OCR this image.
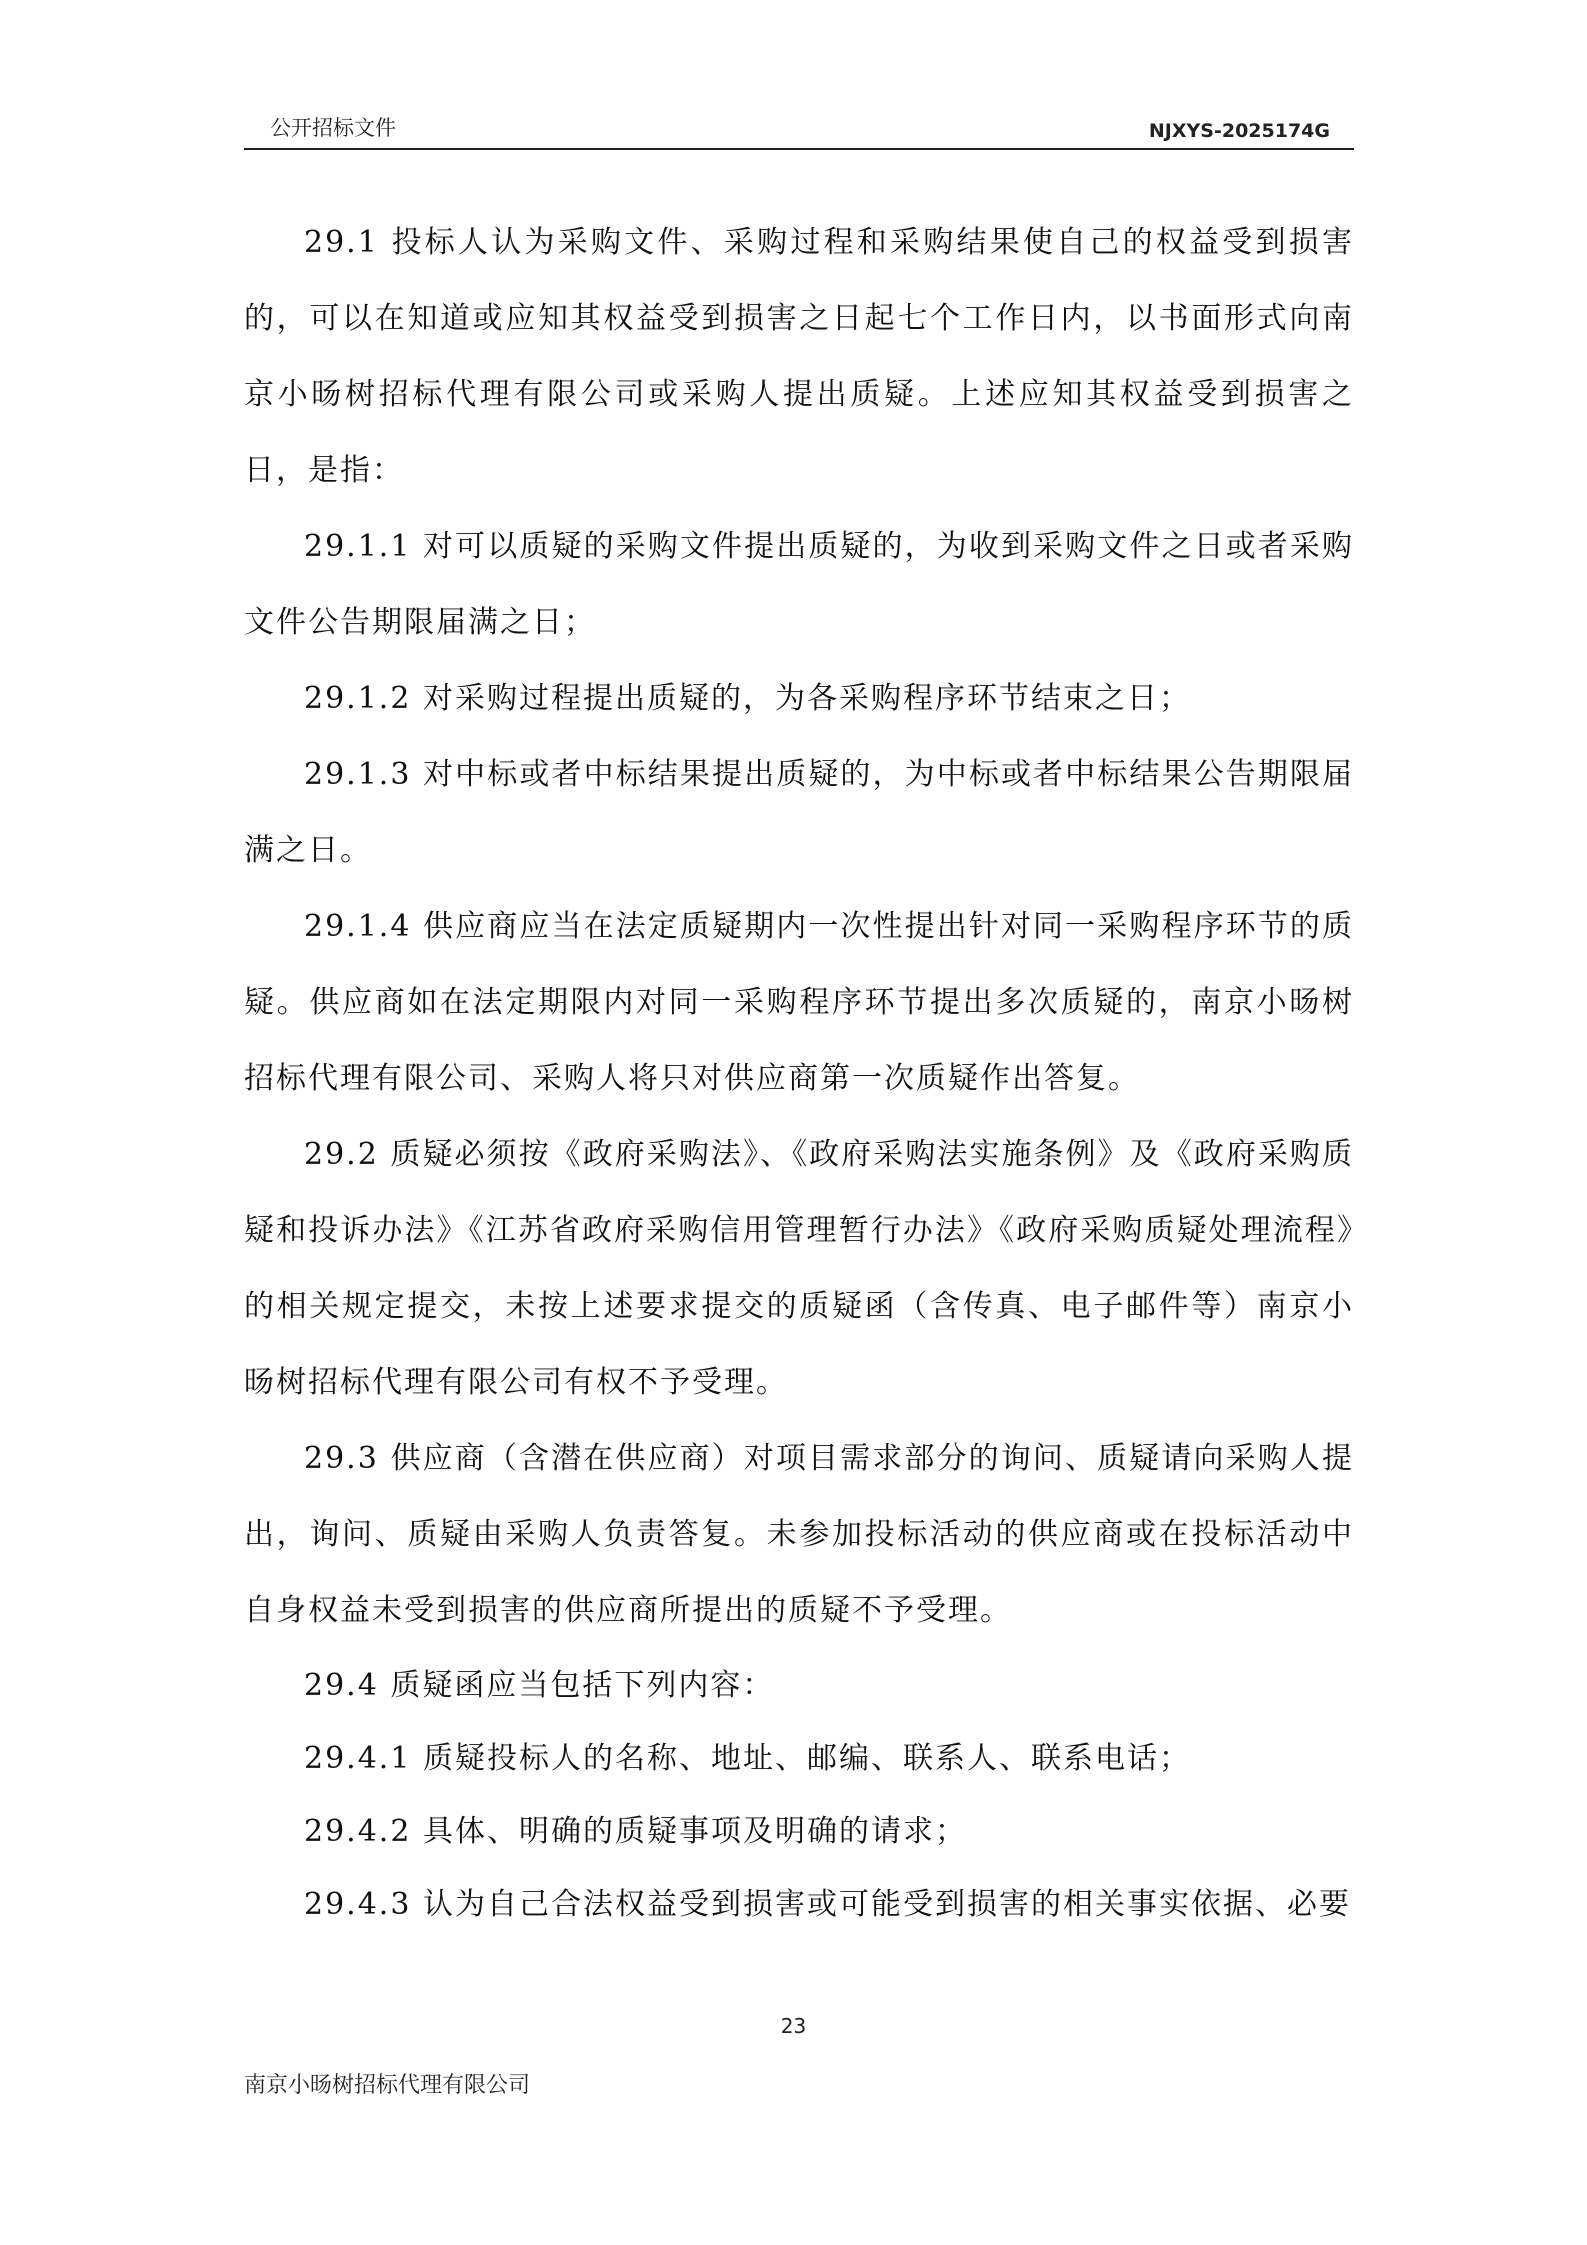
公开招标文件	NJXYS-2025174G

29.1 投标人认为采购文件、采购过程和采购结果使自己的权益受到损害的，可以在知道或应知其权益受到损害之日起七个工作日内，以书面形式向南京小旸树招标代理有限公司或采购人提出质疑。上述应知其权益受到损害之日，是指：

29.1.1 对可以质疑的采购文件提出质疑的，为收到采购文件之日或者采购文件公告期限届满之日；

29.1.2 对采购过程提出质疑的，为各采购程序环节结束之日；

29.1.3 对中标或者中标结果提出质疑的，为中标或者中标结果公告期限届满之日。

29.1.4 供应商应当在法定质疑期内一次性提出针对同一采购程序环节的质疑。供应商如在法定期限内对同一采购程序环节提出多次质疑的，南京小旸树招标代理有限公司、采购人将只对供应商第一次质疑作出答复。

29.2 质疑必须按《政府采购法》、《政府采购法实施条例》及《政府采购质疑和投诉办法》《江苏省政府采购信用管理暂行办法》《政府采购质疑处理流程》的相关规定提交，未按上述要求提交的质疑函（含传真、电子邮件等）南京小旸树招标代理有限公司有权不予受理。

29.3 供应商（含潜在供应商）对项目需求部分的询问、质疑请向采购人提出，询问、质疑由采购人负责答复。未参加投标活动的供应商或在投标活动中自身权益未受到损害的供应商所提出的质疑不予受理。

29.4 质疑函应当包括下列内容：

29.4.1 质疑投标人的名称、地址、邮编、联系人、联系电话；

29.4.2 具体、明确的质疑事项及明确的请求；

29.4.3 认为自己合法权益受到损害或可能受到损害的相关事实依据、必要

23
南京小旸树招标代理有限公司
